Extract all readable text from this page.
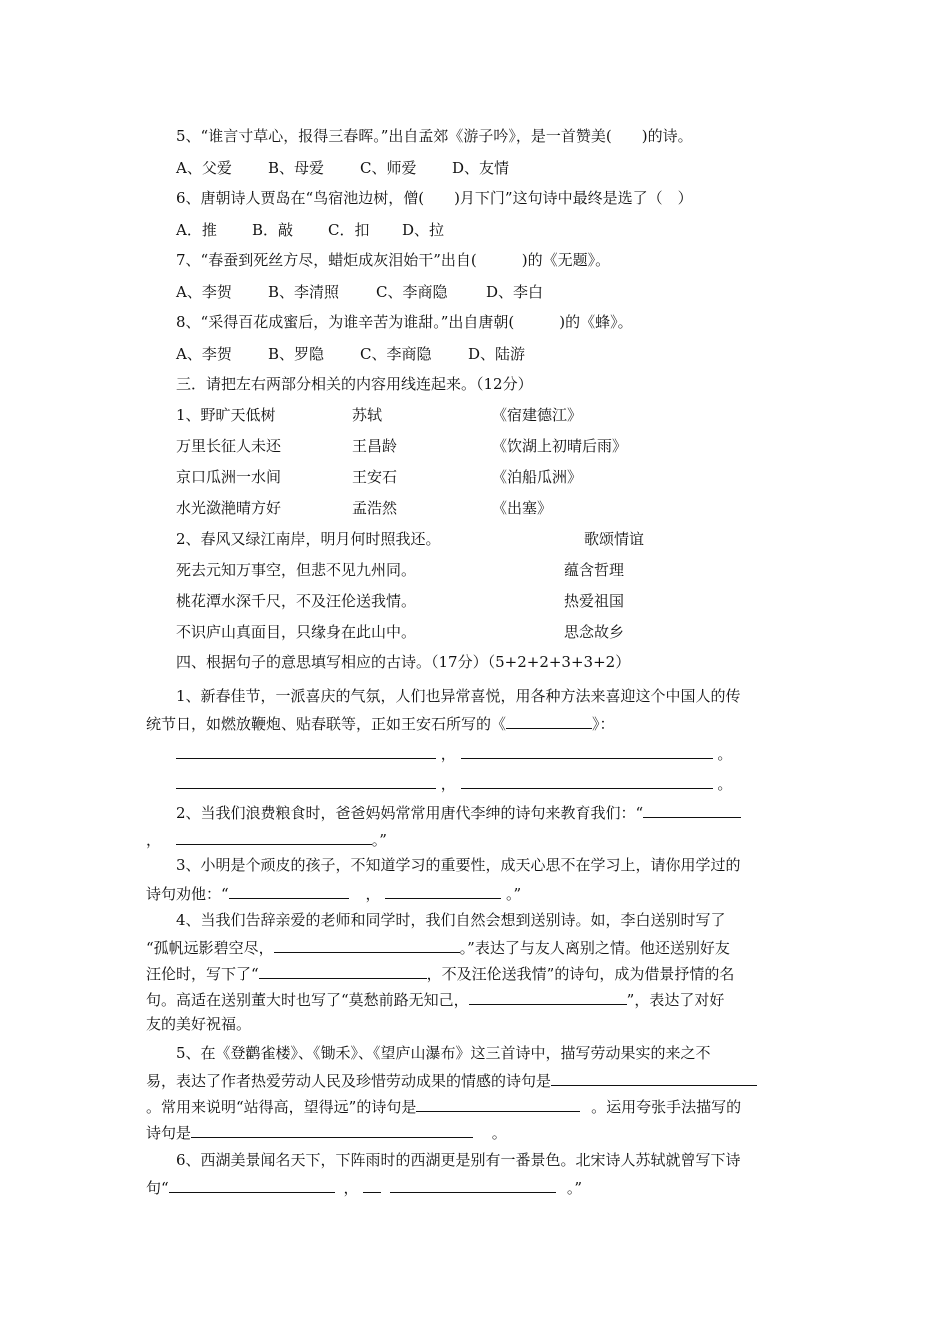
5、“谁言寸草心，报得三春晖。”出自孟郊《游子吟》，是一首赞美(　　)的诗。
A、父爱 B、母爱 C、师爱 D、友情
6、唐朝诗人贾岛在“鸟宿池边树，僧(　　)月下门”这句诗中最终是选了（　）
A．推 B．敲 C．扣 D、拉
7、“春蚕到死丝方尽，蜡炬成灰泪始干”出自(　　　)的《无题》。
A、李贺 B、李清照 C、李商隐	D、李白
8、“采得百花成蜜后，为谁辛苦为谁甜。”出自唐朝(　　　)的《蜂》。
A、李贺 B、罗隐 C、李商隐 D、陆游
三．请把左右两部分相关的内容用线连起来。（12分）
1、野旷天低树	苏轼	《宿建德江》
万里长征人未还	王昌龄	《饮湖上初晴后雨》
京口瓜洲一水间	王安石	《泊船瓜洲》
水光潋滟晴方好	孟浩然	《出塞》
2、春风又绿江南岸，明月何时照我还。	歌颂情谊
死去元知万事空，但悲不见九州同。	蕴含哲理
桃花潭水深千尺，不及汪伦送我情。	热爱祖国
不识庐山真面目，只缘身在此山中。	思念故乡
四、根据句子的意思填写相应的古诗。（17分）（5+2+2+3+3+2）
1、新春佳节，一派喜庆的气氛，人们也异常喜悦，用各种方法来喜迎这个中国人的传
统节日，如燃放鞭炮、贴春联等，正如王安石所写的《	》：
，	。
，	。
2、当我们浪费粮食时，爸爸妈妈常常用唐代李绅的诗句来教育我们：“
，	。”
3、小明是个顽皮的孩子，不知道学习的重要性，成天心思不在学习上，请你用学过的
诗句劝他：“	，	。”
4、当我们告辞亲爱的老师和同学时，我们自然会想到送别诗。如，李白送别时写了
“孤帆远影碧空尽，	。”表达了与友人离别之情。他还送别好友
汪伦时，写下了“	，不及汪伦送我情”的诗句，成为借景抒情的名
句。高适在送别董大时也写了“莫愁前路无知己，	”，表达了对好
友的美好祝福。
5、在《登鹳雀楼》、《锄禾》、《望庐山瀑布》这三首诗中，描写劳动果实的来之不
易，表达了作者热爱劳动人民及珍惜劳动成果的情感的诗句是
。常用来说明“站得高，望得远”的诗句是	。运用夸张手法描写的
诗句是	。
6、西湖美景闻名天下，下阵雨时的西湖更是别有一番景色。北宋诗人苏轼就曾写下诗
句“	，	。”
